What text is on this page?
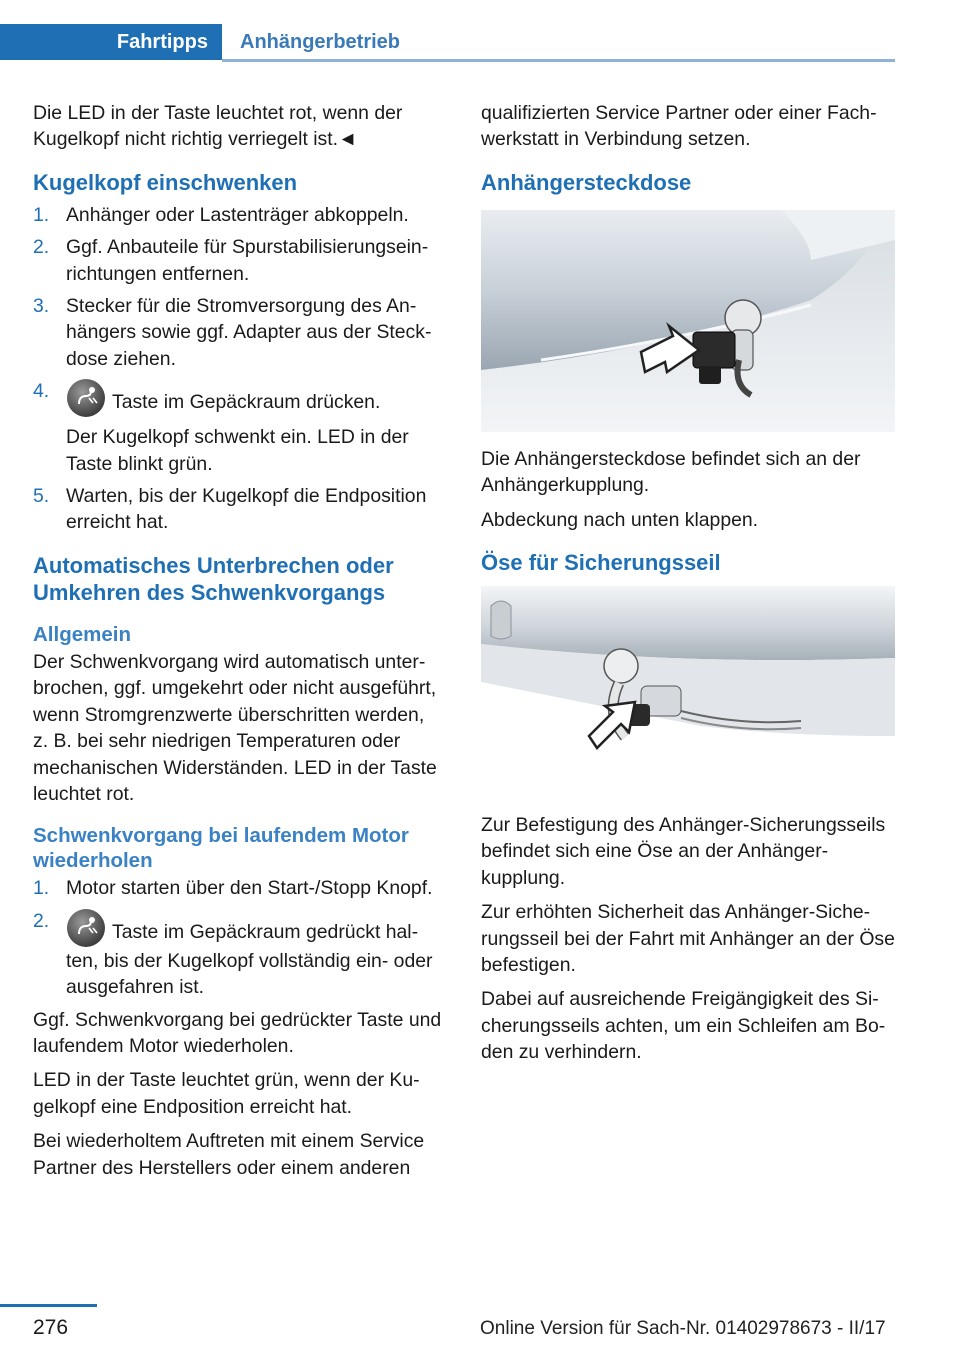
Fahrtipps	Anhängerbetrieb

Die LED in der Taste leuchtet rot, wenn der Kugelkopf nicht richtig verriegelt ist.◄

Kugelkopf einschwenken
1. Anhänger oder Lastenträger abkoppeln.
2. Ggf. Anbauteile für Spurstabilisierungseinrichtungen entfernen.
3. Stecker für die Stromversorgung des Anhängers sowie ggf. Adapter aus der Steckdose ziehen.
4.	Taste im Gepäckraum drücken.
Der Kugelkopf schwenkt ein. LED in der Taste blinkt grün.
5. Warten, bis der Kugelkopf die Endposition erreicht hat.
Automatisches Unterbrechen oder Umkehren des Schwenkvorgangs
Allgemein

Der Schwenkvorgang wird automatisch unterbrochen, ggf. umgekehrt oder nicht ausgeführt, wenn Stromgrenzwerte überschritten werden, z. B. bei sehr niedrigen Temperaturen oder mechanischen Widerständen. LED in der Taste leuchtet rot.

Schwenkvorgang bei laufendem Motor wiederholen
1. Motor starten über den Start-/Stopp Knopf.
2.	Taste im Gepäckraum gedrückt halten, bis der Kugelkopf vollständig ein- oder ausgefahren ist.

Ggf. Schwenkvorgang bei gedrückter Taste und laufendem Motor wiederholen.

LED in der Taste leuchtet grün, wenn der Kugelkopf eine Endposition erreicht hat.

Bei wiederholtem Auftreten mit einem Service Partner des Herstellers oder einem anderen

qualifizierten Service Partner oder einer Fachwerkstatt in Verbindung setzen.

Anhängersteckdose

Die Anhängersteckdose befindet sich an der Anhängerkupplung.

Abdeckung nach unten klappen.

Öse für Sicherungsseil

Zur Befestigung des Anhänger-Sicherungsseils befindet sich eine Öse an der Anhängerkupplung.

Zur erhöhten Sicherheit das Anhänger-Sicherungsseil bei der Fahrt mit Anhänger an der Öse befestigen.

Dabei auf ausreichende Freigängigkeit des Sicherungsseils achten, um ein Schleifen am Boden zu verhindern.

276	Online Version für Sach-Nr. 01402978673 - II/17
